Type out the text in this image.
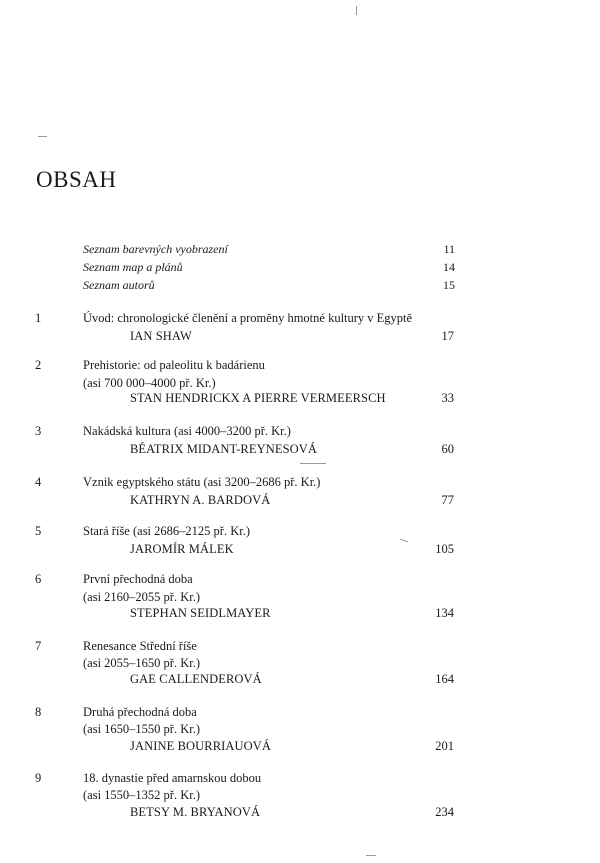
OBSAH
Seznam barevných vyobrazení	11
Seznam map a plánů	14
Seznam autorů	15
1	Úvod: chronologické členění a proměny hmotné kultury v Egyptě
IAN SHAW	17
2	Prehistorie: od paleolitu k badárienu
(asi 700 000–4000 př. Kr.)
STAN HENDRICKX A PIERRE VERMEERSCH	33
3	Nakádská kultura (asi 4000–3200 př. Kr.)
BÉATRIX MIDANT-REYNESOVÁ	60
4	Vznik egyptského státu (asi 3200–2686 př. Kr.)
KATHRYN A. BARDOVÁ	77
5	Stará říše (asi 2686–2125 př. Kr.)
JAROMÍR MÁLEK	105
6	První přechodná doba
(asi 2160–2055 př. Kr.)
STEPHAN SEIDLMAYER	134
7	Renesance Střední říše
(asi 2055–1650 př. Kr.)
GAE CALLENDEROVÁ	164
8	Druhá přechodná doba
(asi 1650–1550 př. Kr.)
JANINE BOURRIAUOVÁ	201
9	18. dynastie před amarnskou dobou
(asi 1550–1352 př. Kr.)
BETSY M. BRYANOVÁ	234
